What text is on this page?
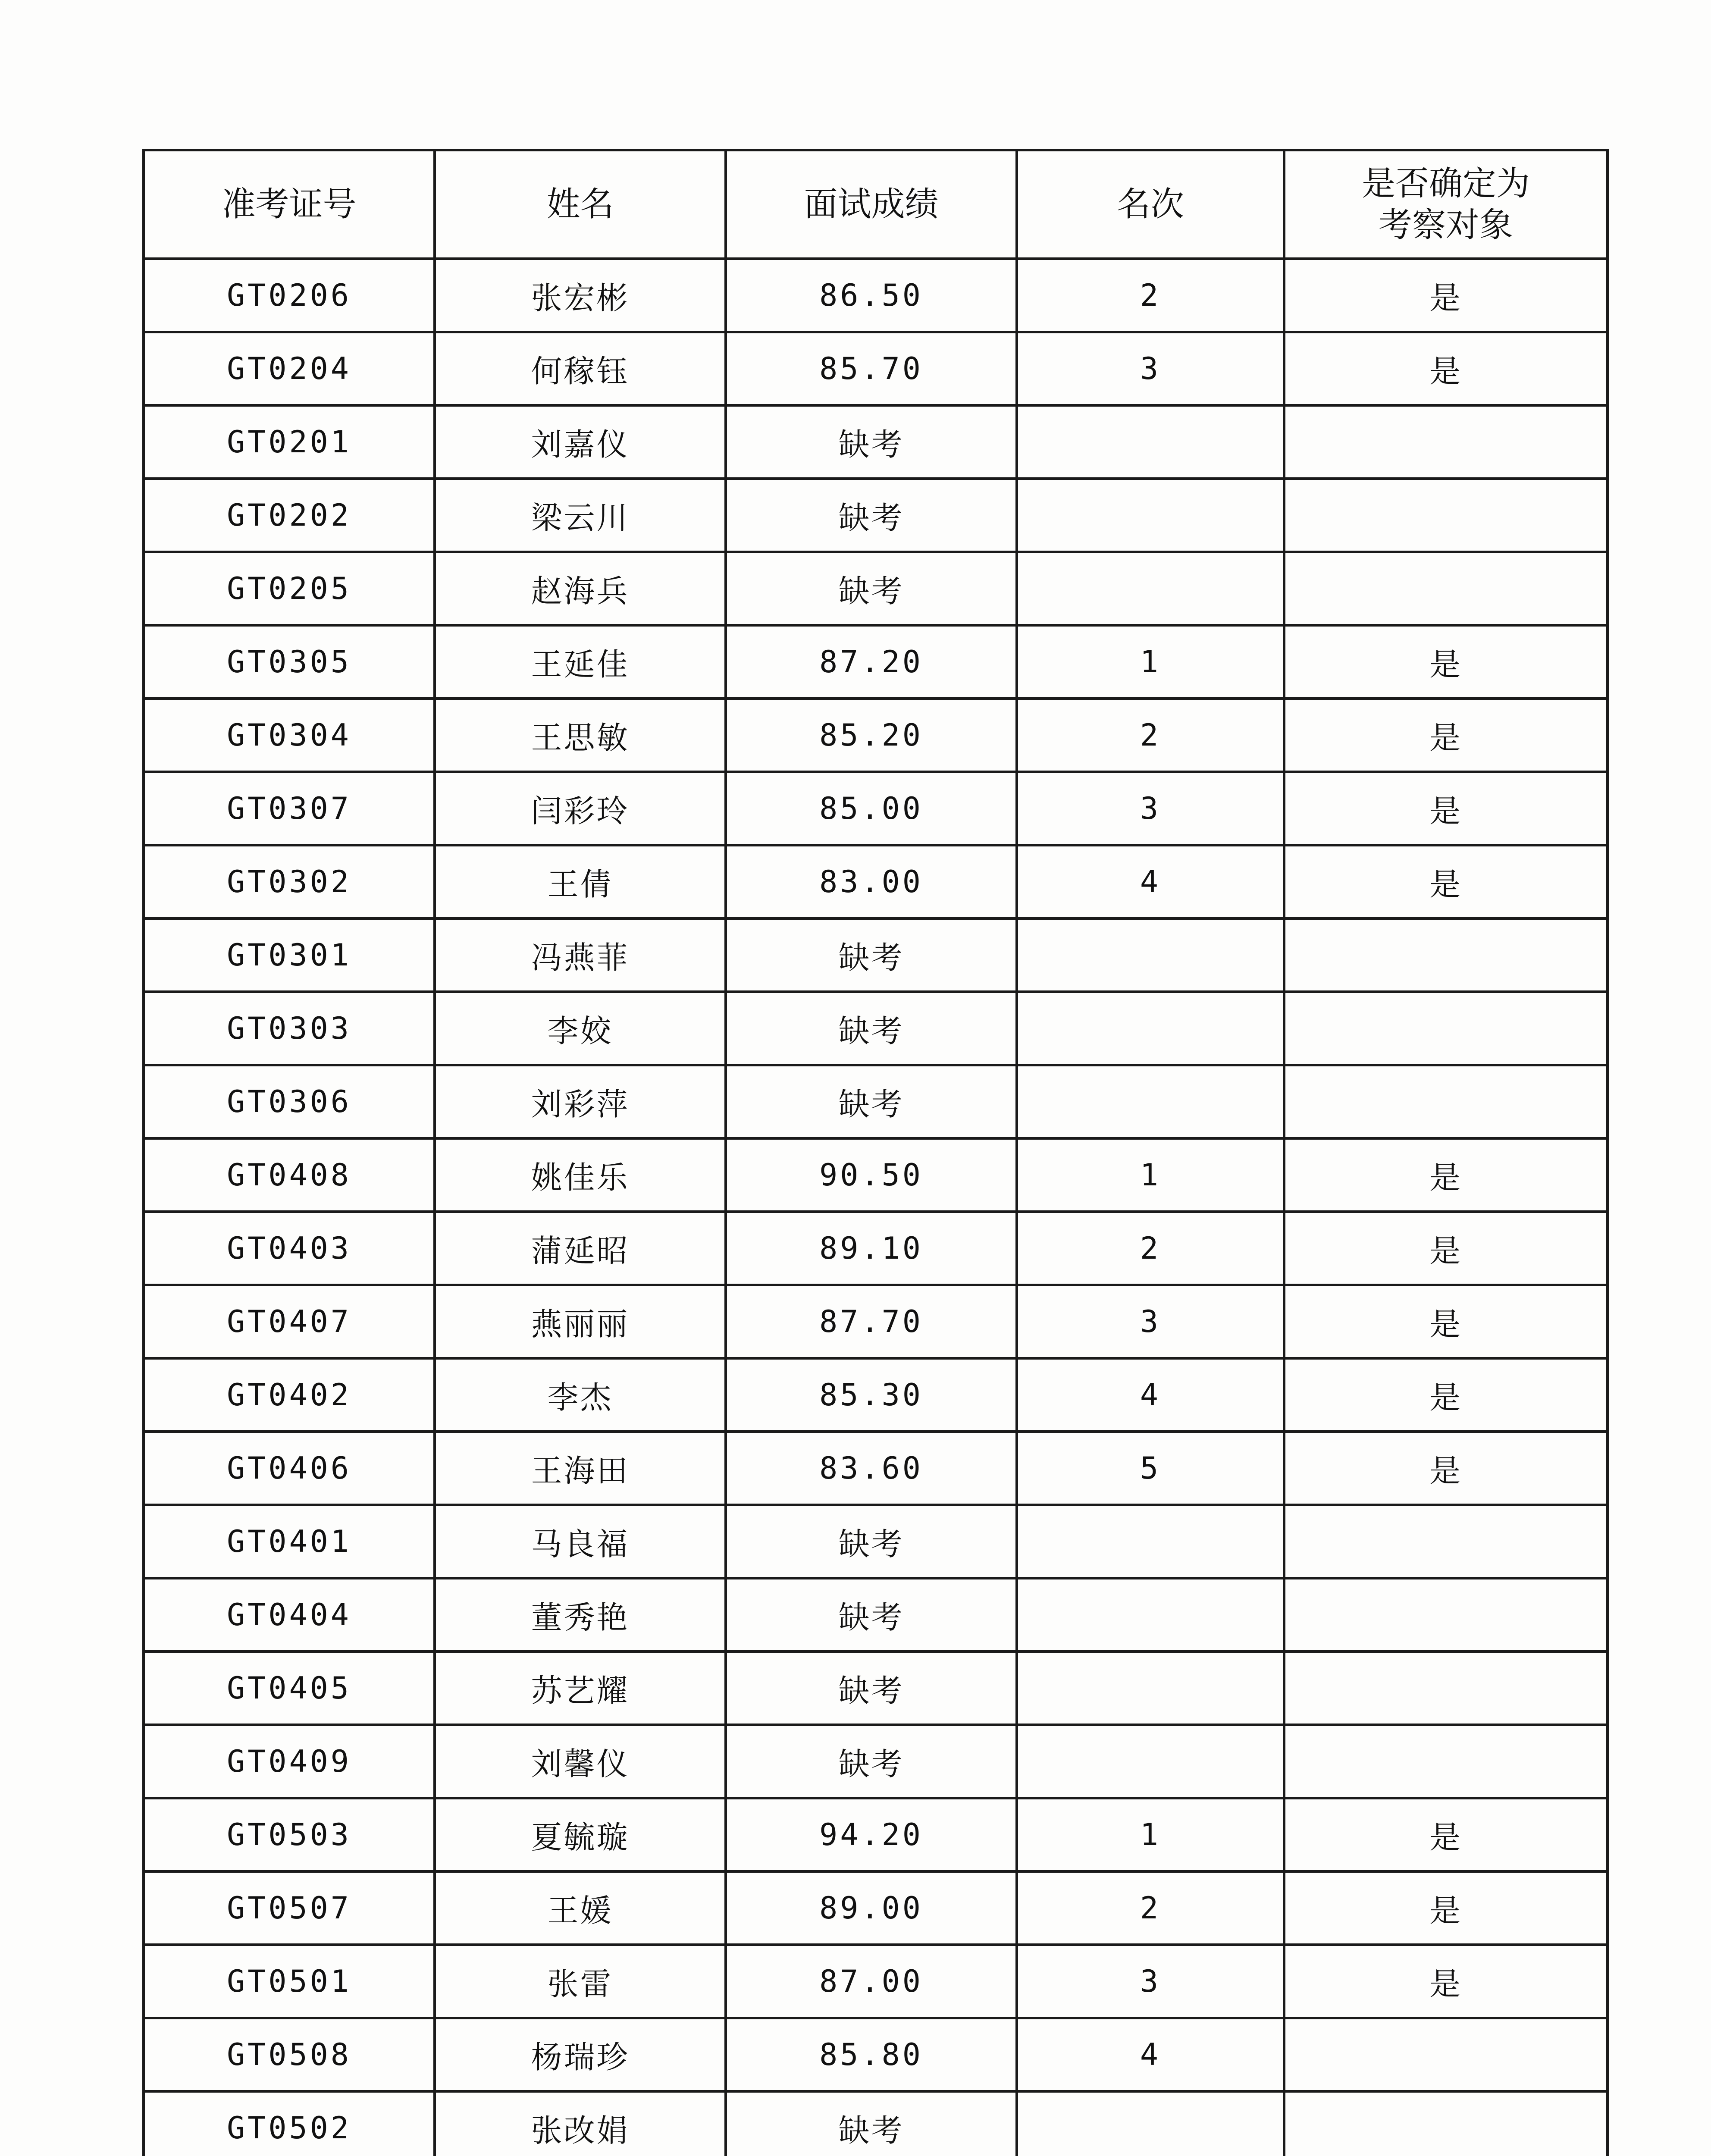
准考证号	姓名	面试成绩	名次	是否确定为
考察对象

GT0206	张宏彬	86.50	2	是
GT0204	何稼钰	85.70	3	是
GT0201	刘嘉仪	缺考		
GT0202	梁云川	缺考		
GT0205	赵海兵	缺考		
GT0305	王延佳	87.20	1	是
GT0304	王思敏	85.20	2	是
GT0307	闫彩玲	85.00	3	是
GT0302	王倩	83.00	4	是
GT0301	冯燕菲	缺考		
GT0303	李姣	缺考		
GT0306	刘彩萍	缺考		
GT0408	姚佳乐	90.50	1	是
GT0403	蒲延昭	89.10	2	是
GT0407	燕丽丽	87.70	3	是
GT0402	李杰	85.30	4	是
GT0406	王海田	83.60	5	是
GT0401	马良福	缺考		
GT0404	董秀艳	缺考		
GT0405	苏艺耀	缺考		
GT0409	刘馨仪	缺考		
GT0503	夏毓璇	94.20	1	是
GT0507	王媛	89.00	2	是
GT0501	张雷	87.00	3	是
GT0508	杨瑞珍	85.80	4	
GT0502	张改娟	缺考		
